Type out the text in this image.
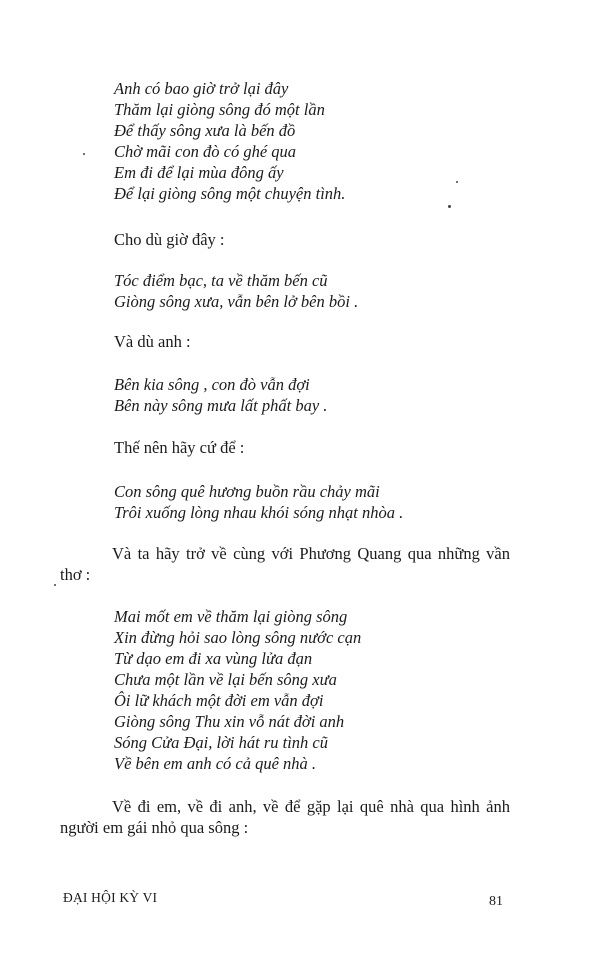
Anh có bao giờ trở lại đây
Thăm lại giòng sông đó một lần
Để thấy sông xưa là bến đồ
Chờ mãi con đò có ghé qua
Em đi để lại mùa đông ấy
Để lại giòng sông một chuyện tình.
Cho dù giờ đây :
Tóc điểm bạc, ta về thăm bến cũ
Giòng sông xưa, vẫn bên lở bên bồi .
Và dù anh :
Bên kia sông , con đò vẫn đợi
Bên này sông mưa lất phất bay .
Thế nên hãy cứ để :
Con sông quê hương buồn rầu chảy mãi
Trôi xuống lòng nhau khói sóng nhạt nhòa .
Và ta hãy trở về cùng với Phương Quang qua những vần thơ :
Mai mốt em về thăm lại giòng sông
Xin đừng hỏi sao lòng sông nước cạn
Từ dạo em đi xa vùng lửa đạn
Chưa một lần về lại bến sông xưa
Ôi lữ khách một đời em vẫn đợi
Giòng sông Thu xin vỗ nát đời anh
Sóng Cửa Đại, lời hát ru tình cũ
Về bên em anh có cả quê nhà .
Về đi em, về đi anh, về để gặp lại quê nhà qua hình ảnh người em gái nhỏ qua sông :
ĐẠI HỘI KỲ VI	81
